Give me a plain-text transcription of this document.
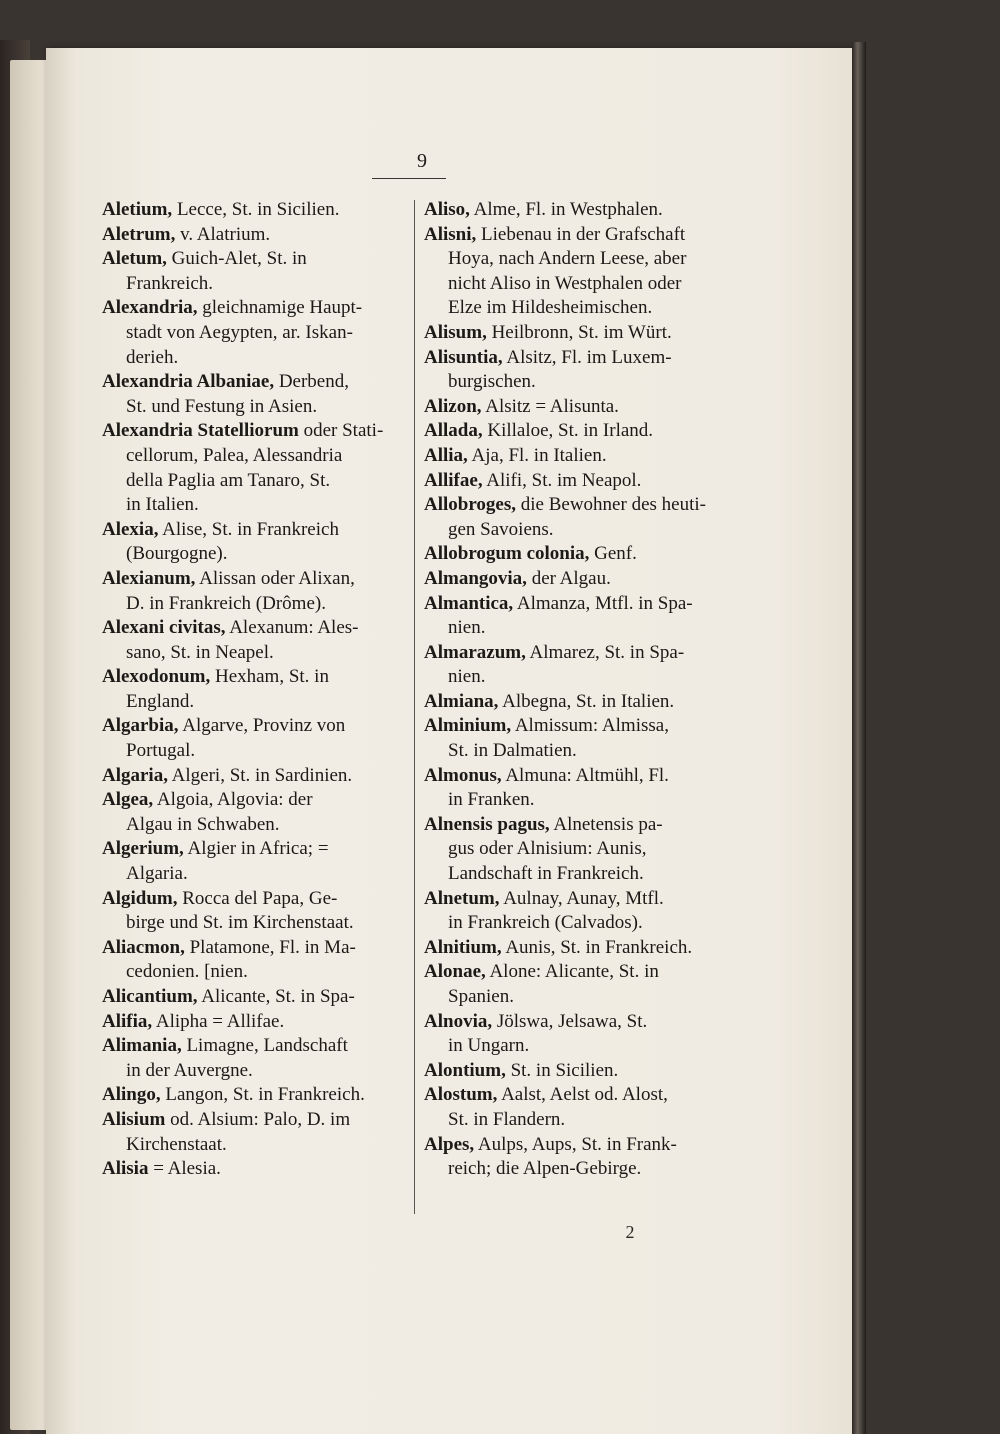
9
Aletium, Lecce, St. in Sicilien.
Aletrum, v. Alatrium.
Aletum, Guich-Alet, St. in
Frankreich.
Alexandria, gleichnamige Haupt-
stadt von Aegypten, ar. Iskan-
derieh.
Alexandria Albaniae, Derbend,
St. und Festung in Asien.
Alexandria Statelliorum oder Stati-
cellorum, Palea, Alessandria
della Paglia am Tanaro, St.
in Italien.
Alexia, Alise, St. in Frankreich
(Bourgogne).
Alexianum, Alissan oder Alixan,
D. in Frankreich (Drôme).
Alexani civitas, Alexanum: Ales-
sano, St. in Neapel.
Alexodonum, Hexham, St. in
England.
Algarbia, Algarve, Provinz von
Portugal.
Algaria, Algeri, St. in Sardinien.
Algea, Algoia, Algovia: der
Algau in Schwaben.
Algerium, Algier in Africa; =
Algaria.
Algidum, Rocca del Papa, Ge-
birge und St. im Kirchenstaat.
Aliacmon, Platamone, Fl. in Ma-
cedonien. [nien.
Alicantium, Alicante, St. in Spa-
Alifia, Alipha = Allifae.
Alimania, Limagne, Landschaft
in der Auvergne.
Alingo, Langon, St. in Frankreich.
Alisium od. Alsium: Palo, D. im
Kirchenstaat.
Alisia = Alesia.
Aliso, Alme, Fl. in Westphalen.
Alisni, Liebenau in der Grafschaft
Hoya, nach Andern Leese, aber
nicht Aliso in Westphalen oder
Elze im Hildesheimischen.
Alisum, Heilbronn, St. im Würt.
Alisuntia, Alsitz, Fl. im Luxem-
burgischen.
Alizon, Alsitz = Alisunta.
Allada, Killaloe, St. in Irland.
Allia, Aja, Fl. in Italien.
Allifae, Alifi, St. im Neapol.
Allobroges, die Bewohner des heuti-
gen Savoiens.
Allobrogum colonia, Genf.
Almangovia, der Algau.
Almantica, Almanza, Mtfl. in Spa-
nien.
Almarazum, Almarez, St. in Spa-
nien.
Almiana, Albegna, St. in Italien.
Alminium, Almissum: Almissa,
St. in Dalmatien.
Almonus, Almuna: Altmühl, Fl.
in Franken.
Alnensis pagus, Alnetensis pa-
gus oder Alnisium: Aunis,
Landschaft in Frankreich.
Alnetum, Aulnay, Aunay, Mtfl.
in Frankreich (Calvados).
Alnitium, Aunis, St. in Frankreich.
Alonae, Alone: Alicante, St. in
Spanien.
Alnovia, Jölswa, Jelsawa, St.
in Ungarn.
Alontium, St. in Sicilien.
Alostum, Aalst, Aelst od. Alost,
St. in Flandern.
Alpes, Aulps, Aups, St. in Frank-
reich; die Alpen-Gebirge.
2
